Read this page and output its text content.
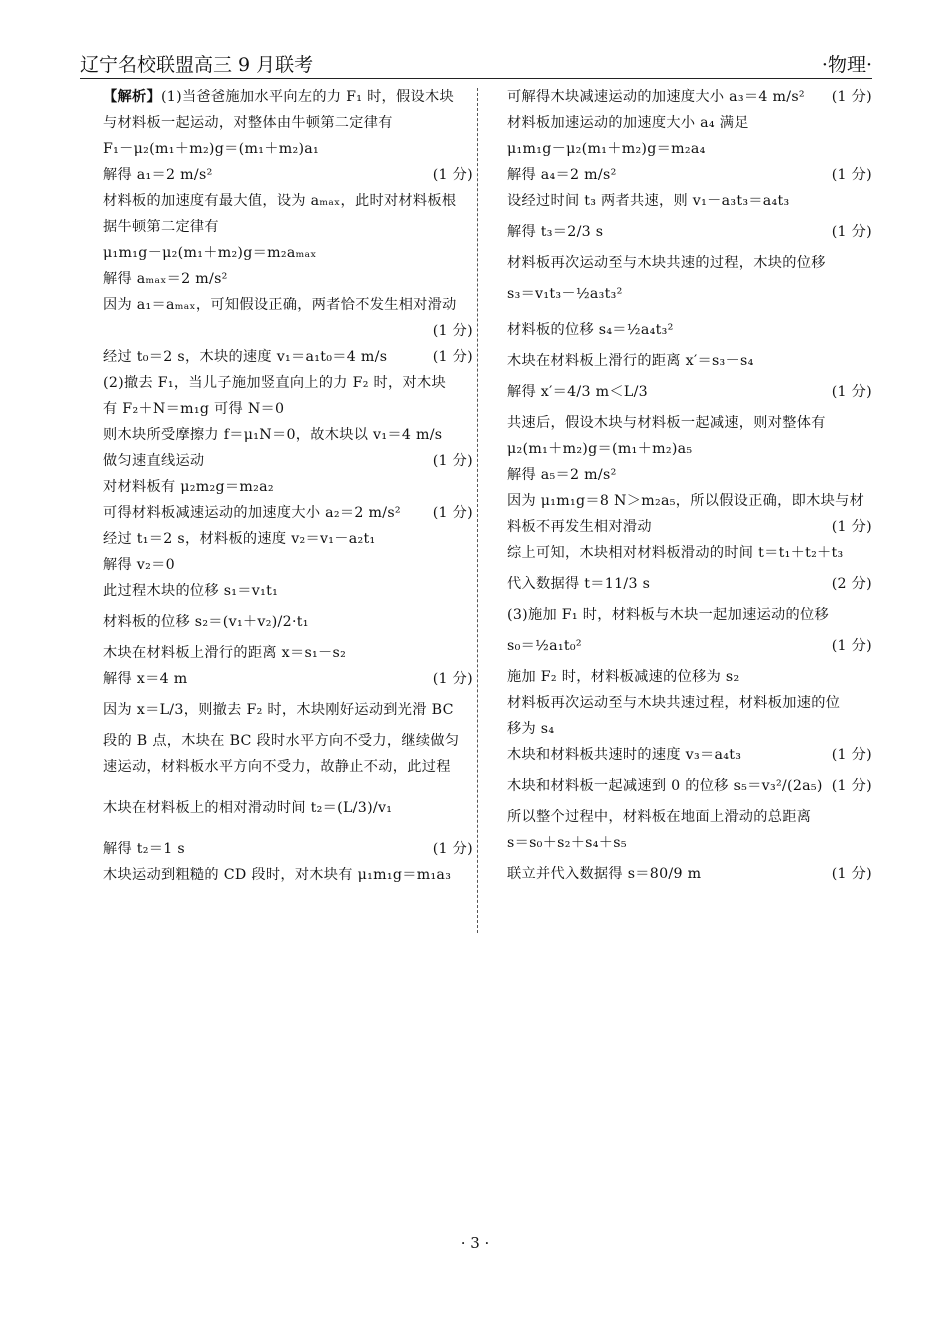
辽宁名校联盟高三 9 月联考	·物理·
【解析】(1)当爸爸施加水平向左的力 F₁ 时，假设木块
与材料板一起运动，对整体由牛顿第二定律有
F₁－μ₂(m₁＋m₂)g＝(m₁＋m₂)a₁
解得 a₁＝2 m/s²	(1 分)
材料板的加速度有最大值，设为 aₘₐₓ，此时对材料板根
据牛顿第二定律有
μ₁m₁g－μ₂(m₁＋m₂)g＝m₂aₘₐₓ
解得 aₘₐₓ＝2 m/s²
因为 a₁＝aₘₐₓ，可知假设正确，两者恰不发生相对滑动
(1 分)
经过 t₀＝2 s，木块的速度 v₁＝a₁t₀＝4 m/s	(1 分)
(2)撤去 F₁，当儿子施加竖直向上的力 F₂ 时，对木块
有 F₂＋N＝m₁g 可得 N＝0
则木块所受摩擦力 f＝μ₁N＝0，故木块以 v₁＝4 m/s
做匀速直线运动	(1 分)
对材料板有 μ₂m₂g＝m₂a₂
可得材料板减速运动的加速度大小 a₂＝2 m/s² (1 分)
经过 t₁＝2 s，材料板的速度 v₂＝v₁－a₂t₁
解得 v₂＝0
此过程木块的位移 s₁＝v₁t₁
材料板的位移 s₂＝(v₁＋v₂)/2·t₁
木块在材料板上滑行的距离 x＝s₁－s₂
解得 x＝4 m	(1 分)
因为 x＝L/3，则撤去 F₂ 时，木块刚好运动到光滑 BC
段的 B 点，木块在 BC 段时水平方向不受力，继续做匀
速运动，材料板水平方向不受力，故静止不动，此过程
木块在材料板上的相对滑动时间 t₂＝(L/3)/v₁
解得 t₂＝1 s	(1 分)
木块运动到粗糙的 CD 段时，对木块有 μ₁m₁g＝m₁a₃
可解得木块减速运动的加速度大小 a₃＝4 m/s² (1 分)
材料板加速运动的加速度大小 a₄ 满足
μ₁m₁g－μ₂(m₁＋m₂)g＝m₂a₄
解得 a₄＝2 m/s²	(1 分)
设经过时间 t₃ 两者共速，则 v₁－a₃t₃＝a₄t₃
解得 t₃＝2/3 s	(1 分)
材料板再次运动至与木块共速的过程，木块的位移
s₃＝v₁t₃－½a₃t₃²
材料板的位移 s₄＝½a₄t₃²
木块在材料板上滑行的距离 x′＝s₃－s₄
解得 x′＝4/3 m＜L/3	(1 分)
共速后，假设木块与材料板一起减速，则对整体有
μ₂(m₁＋m₂)g＝(m₁＋m₂)a₅
解得 a₅＝2 m/s²
因为 μ₁m₁g＝8 N＞m₂a₅，所以假设正确，即木块与材
料板不再发生相对滑动	(1 分)
综上可知，木块相对材料板滑动的时间 t＝t₁＋t₂＋t₃
代入数据得 t＝11/3 s	(2 分)
(3)施加 F₁ 时，材料板与木块一起加速运动的位移
s₀＝½a₁t₀²	(1 分)
施加 F₂ 时，材料板减速的位移为 s₂
材料板再次运动至与木块共速过程，材料板加速的位
移为 s₄
木块和材料板共速时的速度 v₃＝a₄t₃	(1 分)
木块和材料板一起减速到 0 的位移 s₅＝v₃²/(2a₅) (1 分)
所以整个过程中，材料板在地面上滑动的总距离
s＝s₀＋s₂＋s₄＋s₅
联立并代入数据得 s＝80/9 m	(1 分)
· 3 ·
